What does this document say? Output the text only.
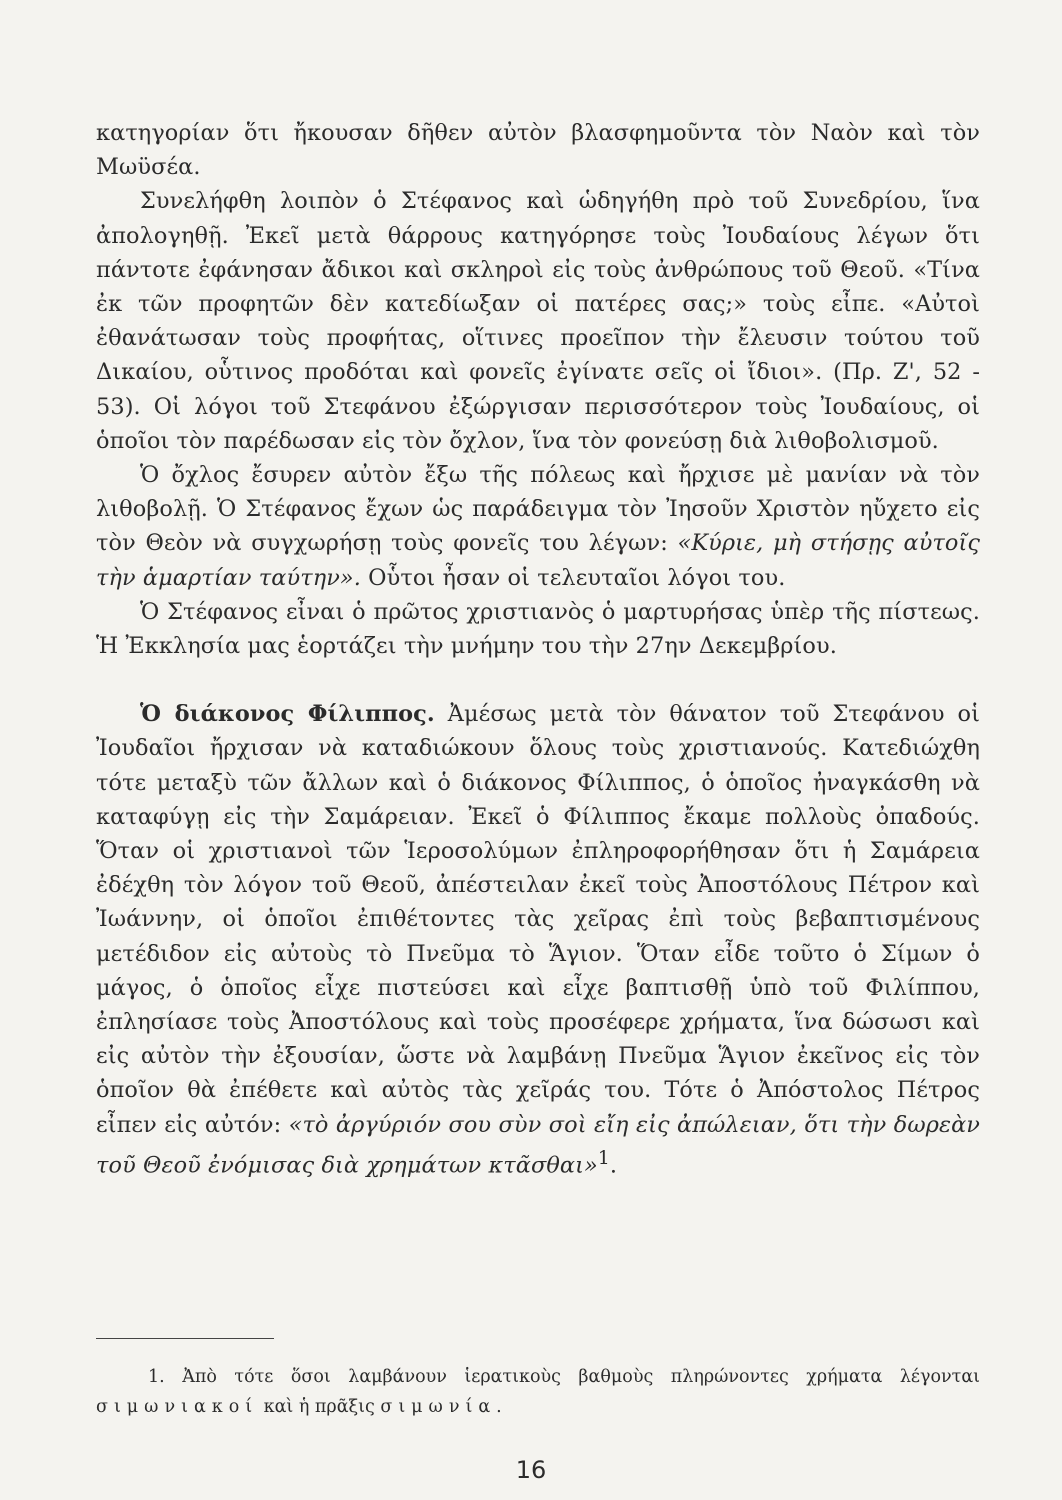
κατηγορίαν ὅτι ἤκουσαν δῆθεν αὐτὸν βλασφημοῦντα τὸν Ναὸν καὶ τὸν Μωϋσέα.

Συνελήφθη λοιπὸν ὁ Στέφανος καὶ ὡδηγήθη πρὸ τοῦ Συνεδρίου, ἵνα ἀπολογηθῇ. Ἐκεῖ μετὰ θάρρους κατηγόρησε τοὺς Ἰουδαίους λέγων ὅτι πάντοτε ἐφάνησαν ἄδικοι καὶ σκληροὶ εἰς τοὺς ἀνθρώπους τοῦ Θεοῦ. «Τίνα ἐκ τῶν προφητῶν δὲν κατεδίωξαν οἱ πατέρες σας;» τοὺς εἶπε. «Αὐτοὶ ἐθανάτωσαν τοὺς προφήτας, οἵτινες προεῖπον τὴν ἔλευσιν τούτου τοῦ Δικαίου, οὗτινος προδόται καὶ φονεῖς ἐγίνατε σεῖς οἱ ἴδιοι». (Πρ. Ζ', 52 - 53). Οἱ λόγοι τοῦ Στεφάνου ἐξώργισαν περισσότερον τοὺς Ἰουδαίους, οἱ ὁποῖοι τὸν παρέδωσαν εἰς τὸν ὄχλον, ἵνα τὸν φονεύσῃ διὰ λιθοβολισμοῦ.

Ὁ ὄχλος ἔσυρεν αὐτὸν ἔξω τῆς πόλεως καὶ ἤρχισε μὲ μανίαν νὰ τὸν λιθοβολῇ. Ὁ Στέφανος ἔχων ὡς παράδειγμα τὸν Ἰησοῦν Χριστὸν ηὔχετο εἰς τὸν Θεὸν νὰ συγχωρήσῃ τοὺς φονεῖς του λέγων: «Κύριε, μὴ στήσῃς αὐτοῖς τὴν ἁμαρτίαν ταύτην». Οὗτοι ἦσαν οἱ τελευταῖοι λόγοι του.

Ὁ Στέφανος εἶναι ὁ πρῶτος χριστιανὸς ὁ μαρτυρήσας ὑπὲρ τῆς πίστεως. Ἡ Ἐκκλησία μας ἑορτάζει τὴν μνήμην του τὴν 27ην Δεκεμβρίου.

Ὁ διάκονος Φίλιππος. Ἀμέσως μετὰ τὸν θάνατον τοῦ Στεφάνου οἱ Ἰουδαῖοι ἤρχισαν νὰ καταδιώκουν ὅλους τοὺς χριστιανούς. Κατεδιώχθη τότε μεταξὺ τῶν ἄλλων καὶ ὁ διάκονος Φίλιππος, ὁ ὁποῖος ἠναγκάσθη νὰ καταφύγῃ εἰς τὴν Σαμάρειαν. Ἐκεῖ ὁ Φίλιππος ἔκαμε πολλοὺς ὀπαδούς. Ὅταν οἱ χριστιανοὶ τῶν Ἱεροσολύμων ἐπληροφορήθησαν ὅτι ἡ Σαμάρεια ἐδέχθη τὸν λόγον τοῦ Θεοῦ, ἀπέστειλαν ἐκεῖ τοὺς Ἀποστόλους Πέτρον καὶ Ἰωάννην, οἱ ὁποῖοι ἐπιθέτοντες τὰς χεῖρας ἐπὶ τοὺς βεβαπτισμένους μετέδιδον εἰς αὐτοὺς τὸ Πνεῦμα τὸ Ἅγιον. Ὅταν εἶδε τοῦτο ὁ Σίμων ὁ μάγος, ὁ ὁποῖος εἶχε πιστεύσει καὶ εἶχε βαπτισθῇ ὑπὸ τοῦ Φιλίππου, ἐπλησίασε τοὺς Ἀποστόλους καὶ τοὺς προσέφερε χρήματα, ἵνα δώσωσι καὶ εἰς αὐτὸν τὴν ἐξουσίαν, ὥστε νὰ λαμβάνῃ Πνεῦμα Ἅγιον ἐκεῖνος εἰς τὸν ὁποῖον θὰ ἐπέθετε καὶ αὐτὸς τὰς χεῖράς του. Τότε ὁ Ἀπόστολος Πέτρος εἶπεν εἰς αὐτόν: «τὸ ἀργύριόν σου σὺν σοὶ εἴη εἰς ἀπώλειαν, ὅτι τὴν δωρεὰν τοῦ Θεοῦ ἐνόμισας διὰ χρημάτων κτᾶσθαι»$^1$.

1. Ἀπὸ τότε ὅσοι λαμβάνουν ἱερατικοὺς βαθμοὺς πληρώνοντες χρήματα λέγονται σιμωνιακοί καὶ ἡ πρᾶξις σιμωνία.

16
